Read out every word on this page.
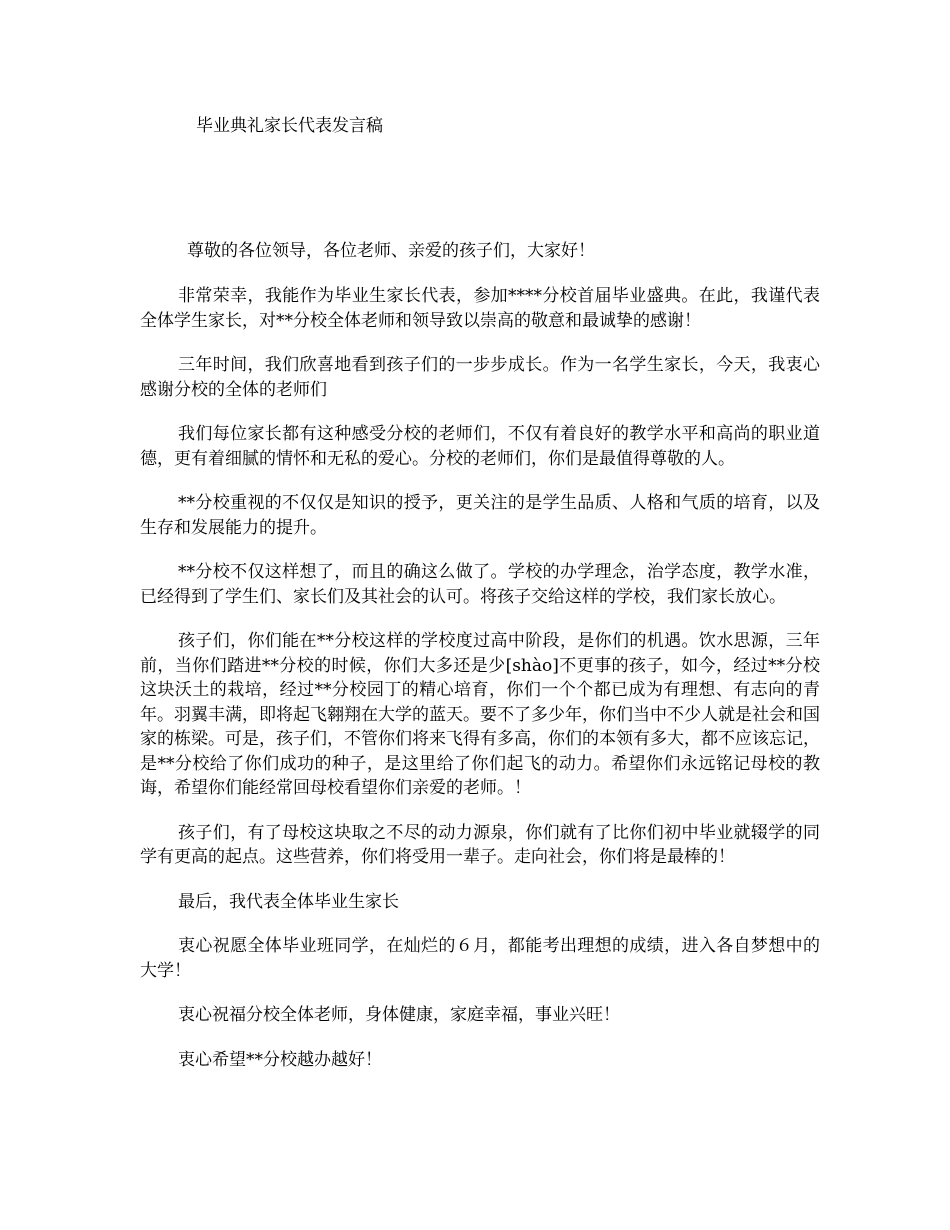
毕业典礼家长代表发言稿
尊敬的各位领导，各位老师、亲爱的孩子们，大家好！

非常荣幸，我能作为毕业生家长代表，参加****分校首届毕业盛典。在此，我谨代表全体学生家长，对**分校全体老师和领导致以崇高的敬意和最诚挚的感谢！

三年时间，我们欣喜地看到孩子们的一步步成长。作为一名学生家长，今天，我衷心感谢分校的全体的老师们

我们每位家长都有这种感受分校的老师们，不仅有着良好的教学水平和高尚的职业道德，更有着细腻的情怀和无私的爱心。分校的老师们，你们是最值得尊敬的人。

**分校重视的不仅仅是知识的授予，更关注的是学生品质、人格和气质的培育，以及生存和发展能力的提升。

**分校不仅这样想了，而且的确这么做了。学校的办学理念，治学态度，教学水准，已经得到了学生们、家长们及其社会的认可。将孩子交给这样的学校，我们家长放心。

孩子们，你们能在**分校这样的学校度过高中阶段，是你们的机遇。饮水思源，三年前，当你们踏进**分校的时候，你们大多还是少[shào]不更事的孩子，如今，经过**分校这块沃土的栽培，经过**分校园丁的精心培育，你们一个个都已成为有理想、有志向的青年。羽翼丰满，即将起飞翱翔在大学的蓝天。要不了多少年，你们当中不少人就是社会和国家的栋梁。可是，孩子们，不管你们将来飞得有多高，你们的本领有多大，都不应该忘记，是**分校给了你们成功的种子，是这里给了你们起飞的动力。希望你们永远铭记母校的教诲，希望你们能经常回母校看望你们亲爱的老师。！

孩子们，有了母校这块取之不尽的动力源泉，你们就有了比你们初中毕业就辍学的同学有更高的起点。这些营养，你们将受用一辈子。走向社会，你们将是最棒的！

最后，我代表全体毕业生家长

衷心祝愿全体毕业班同学，在灿烂的６月，都能考出理想的成绩，进入各自梦想中的大学！

衷心祝福分校全体老师，身体健康，家庭幸福，事业兴旺！

衷心希望**分校越办越好！
